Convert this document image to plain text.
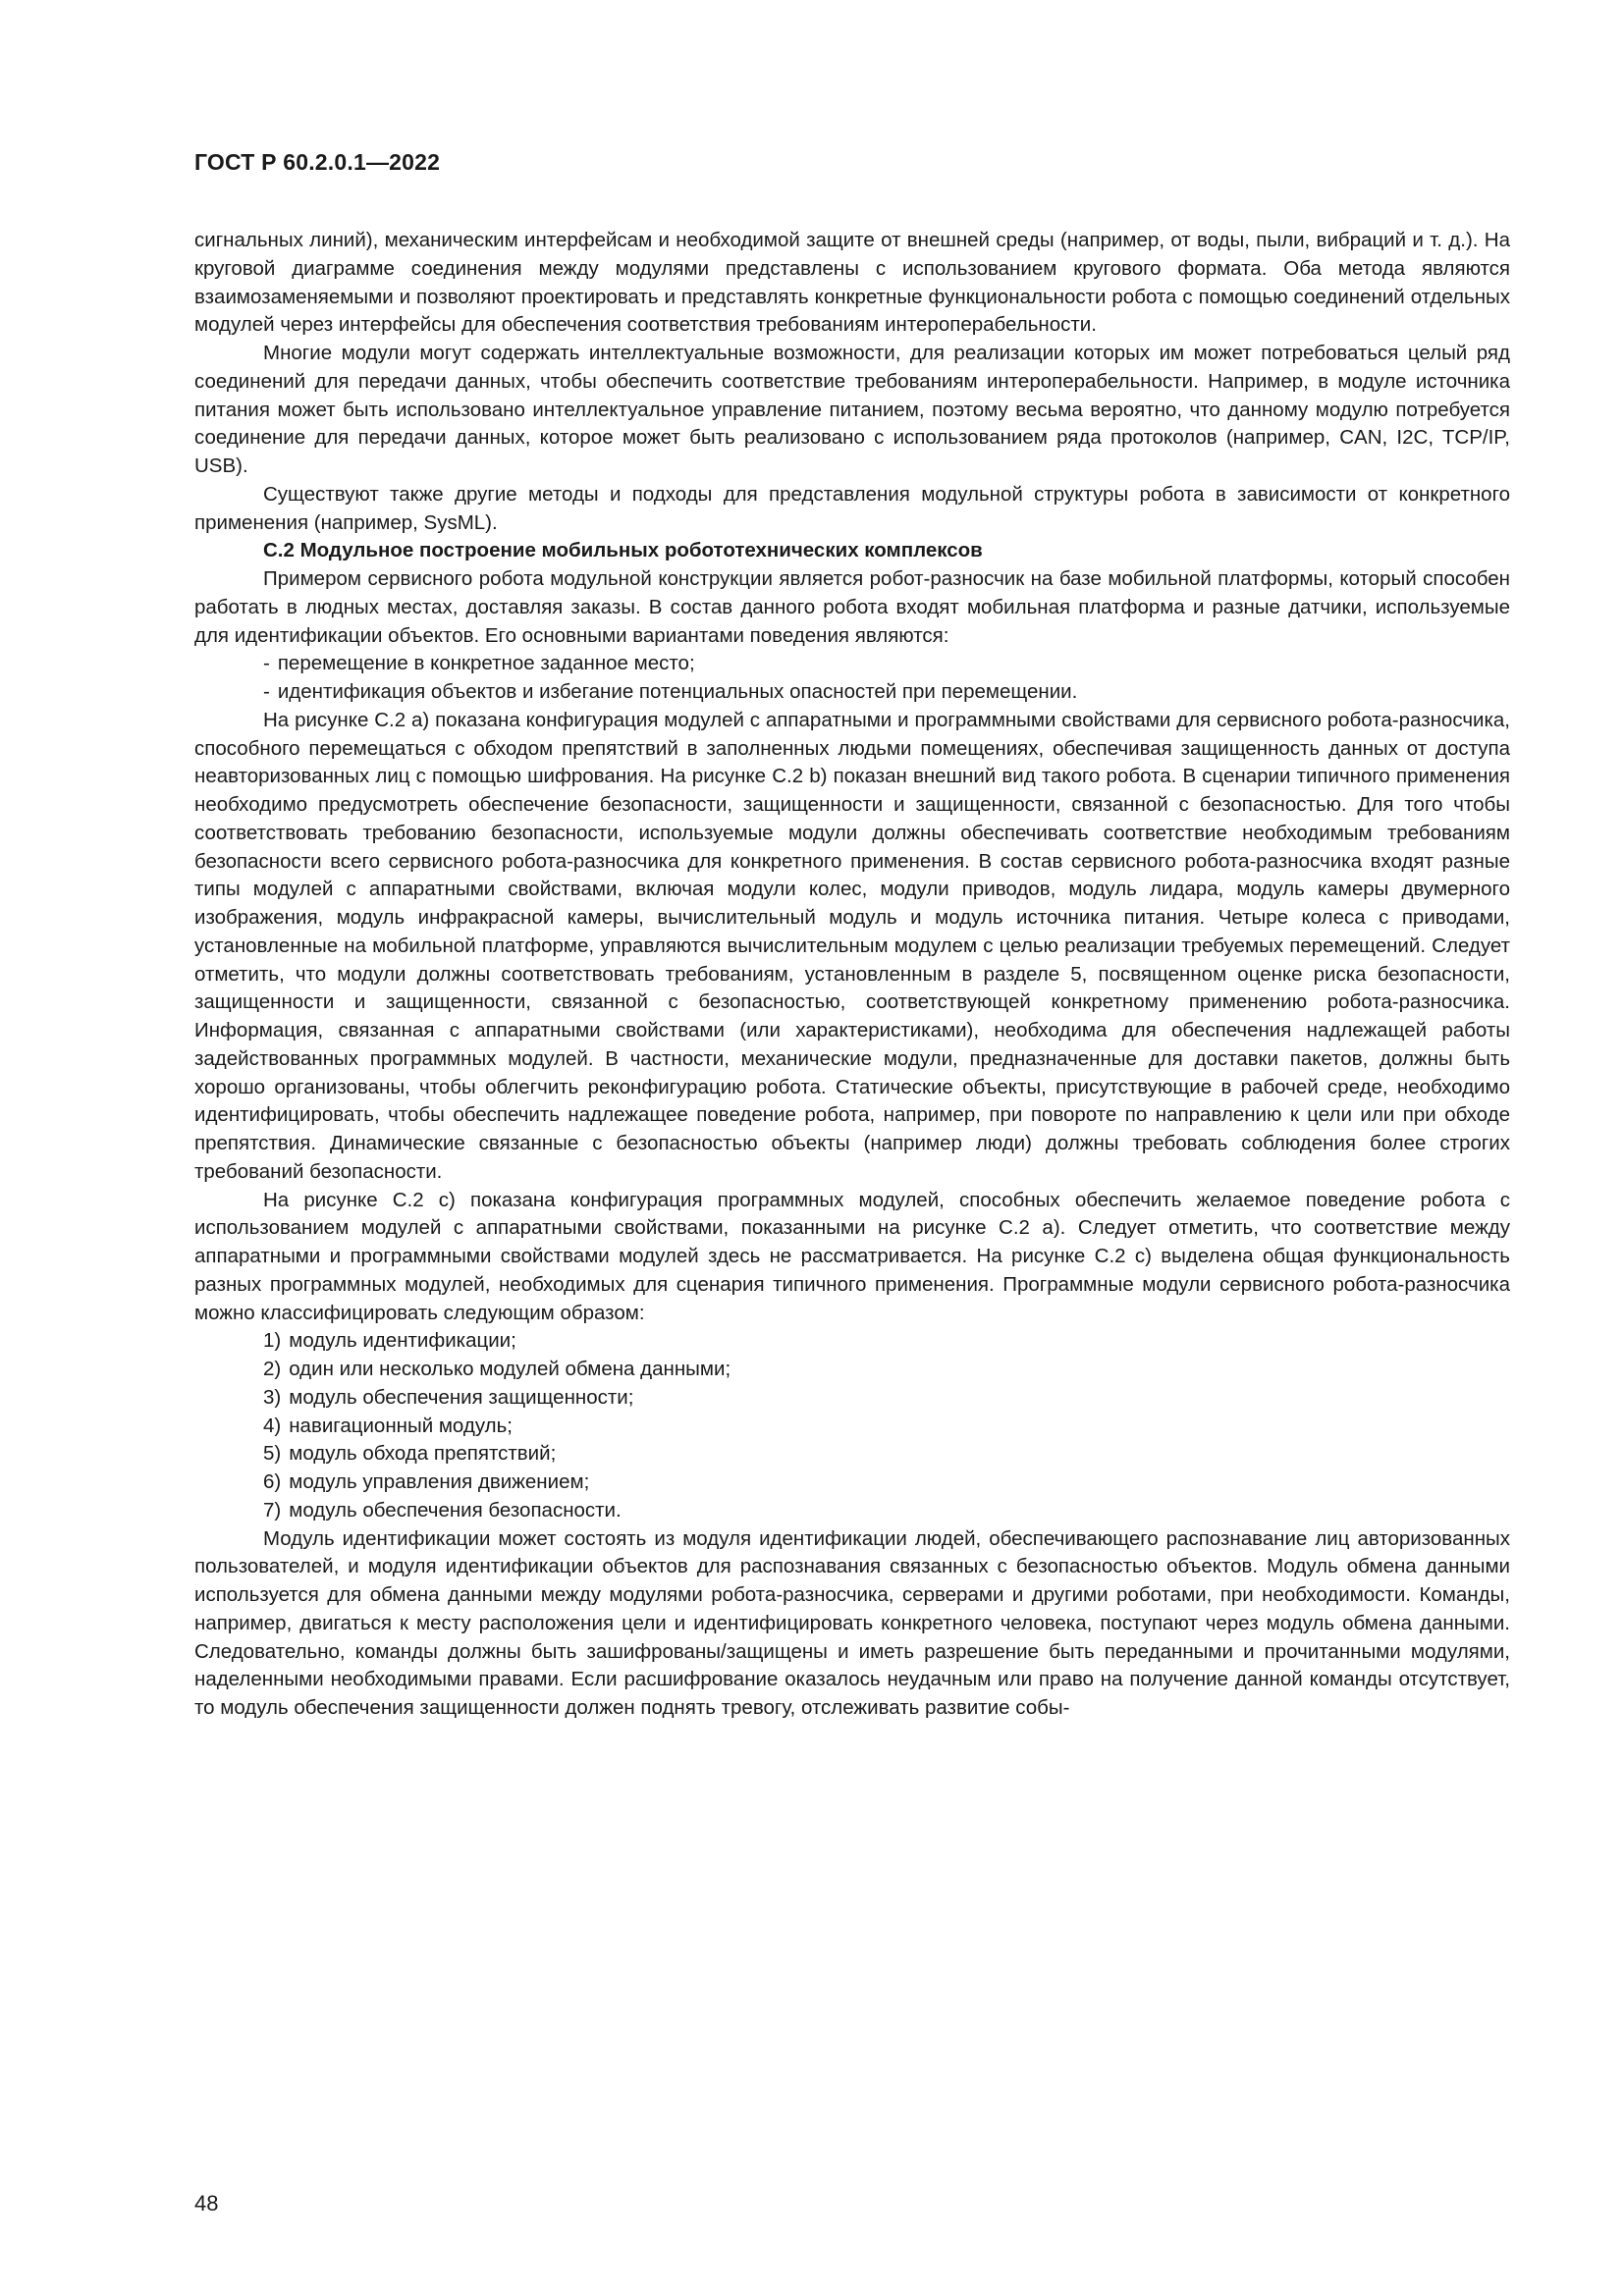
ГОСТ Р 60.2.0.1—2022

сигнальных линий), механическим интерфейсам и необходимой защите от внешней среды (например, от воды, пыли, вибраций и т. д.). На круговой диаграмме соединения между модулями представлены с использованием кругового формата. Оба метода являются взаимозаменяемыми и позволяют проектировать и представлять конкретные функциональности робота с помощью соединений отдельных модулей через интерфейсы для обеспечения соответствия требованиям интероперабельности.

Многие модули могут содержать интеллектуальные возможности, для реализации которых им может потребоваться целый ряд соединений для передачи данных, чтобы обеспечить соответствие требованиям интероперабельности. Например, в модуле источника питания может быть использовано интеллектуальное управление питанием, поэтому весьма вероятно, что данному модулю потребуется соединение для передачи данных, которое может быть реализовано с использованием ряда протоколов (например, CAN, I2C, TCP/IP, USB).

Существуют также другие методы и подходы для представления модульной структуры робота в зависимости от конкретного применения (например, SysML).

С.2 Модульное построение мобильных робототехнических комплексов

Примером сервисного робота модульной конструкции является робот-разносчик на базе мобильной платформы, который способен работать в людных местах, доставляя заказы. В состав данного робота входят мобильная платформа и разные датчики, используемые для идентификации объектов. Его основными вариантами поведения являются:

- перемещение в конкретное заданное место;
- идентификация объектов и избегание потенциальных опасностей при перемещении.

На рисунке С.2 а) показана конфигурация модулей с аппаратными и программными свойствами для сервисного робота-разносчика, способного перемещаться с обходом препятствий в заполненных людьми помещениях, обеспечивая защищенность данных от доступа неавторизованных лиц с помощью шифрования. На рисунке С.2 b) показан внешний вид такого робота. В сценарии типичного применения необходимо предусмотреть обеспечение безопасности, защищенности и защищенности, связанной с безопасностью. Для того чтобы соответствовать требованию безопасности, используемые модули должны обеспечивать соответствие необходимым требованиям безопасности всего сервисного робота-разносчика для конкретного применения. В состав сервисного робота-разносчика входят разные типы модулей с аппаратными свойствами, включая модули колес, модули приводов, модуль лидара, модуль камеры двумерного изображения, модуль инфракрасной камеры, вычислительный модуль и модуль источника питания. Четыре колеса с приводами, установленные на мобильной платформе, управляются вычислительным модулем с целью реализации требуемых перемещений. Следует отметить, что модули должны соответствовать требованиям, установленным в разделе 5, посвященном оценке риска безопасности, защищенности и защищенности, связанной с безопасностью, соответствующей конкретному применению робота-разносчика. Информация, связанная с аппаратными свойствами (или характеристиками), необходима для обеспечения надлежащей работы задействованных программных модулей. В частности, механические модули, предназначенные для доставки пакетов, должны быть хорошо организованы, чтобы облегчить реконфигурацию робота. Статические объекты, присутствующие в рабочей среде, необходимо идентифицировать, чтобы обеспечить надлежащее поведение робота, например, при повороте по направлению к цели или при обходе препятствия. Динамические связанные с безопасностью объекты (например люди) должны требовать соблюдения более строгих требований безопасности.

На рисунке С.2 с) показана конфигурация программных модулей, способных обеспечить желаемое поведение робота с использованием модулей с аппаратными свойствами, показанными на рисунке С.2 а). Следует отметить, что соответствие между аппаратными и программными свойствами модулей здесь не рассматривается. На рисунке С.2 с) выделена общая функциональность разных программных модулей, необходимых для сценария типичного применения. Программные модули сервисного робота-разносчика можно классифицировать следующим образом:

1) модуль идентификации;
2) один или несколько модулей обмена данными;
3) модуль обеспечения защищенности;
4) навигационный модуль;
5) модуль обхода препятствий;
6) модуль управления движением;
7) модуль обеспечения безопасности.

Модуль идентификации может состоять из модуля идентификации людей, обеспечивающего распознавание лиц авторизованных пользователей, и модуля идентификации объектов для распознавания связанных с безопасностью объектов. Модуль обмена данными используется для обмена данными между модулями робота-разносчика, серверами и другими роботами, при необходимости. Команды, например, двигаться к месту расположения цели и идентифицировать конкретного человека, поступают через модуль обмена данными. Следовательно, команды должны быть зашифрованы/защищены и иметь разрешение быть переданными и прочитанными модулями, наделенными необходимыми правами. Если расшифрование оказалось неудачным или право на получение данной команды отсутствует, то модуль обеспечения защищенности должен поднять тревогу, отслеживать развитие собы-

48
